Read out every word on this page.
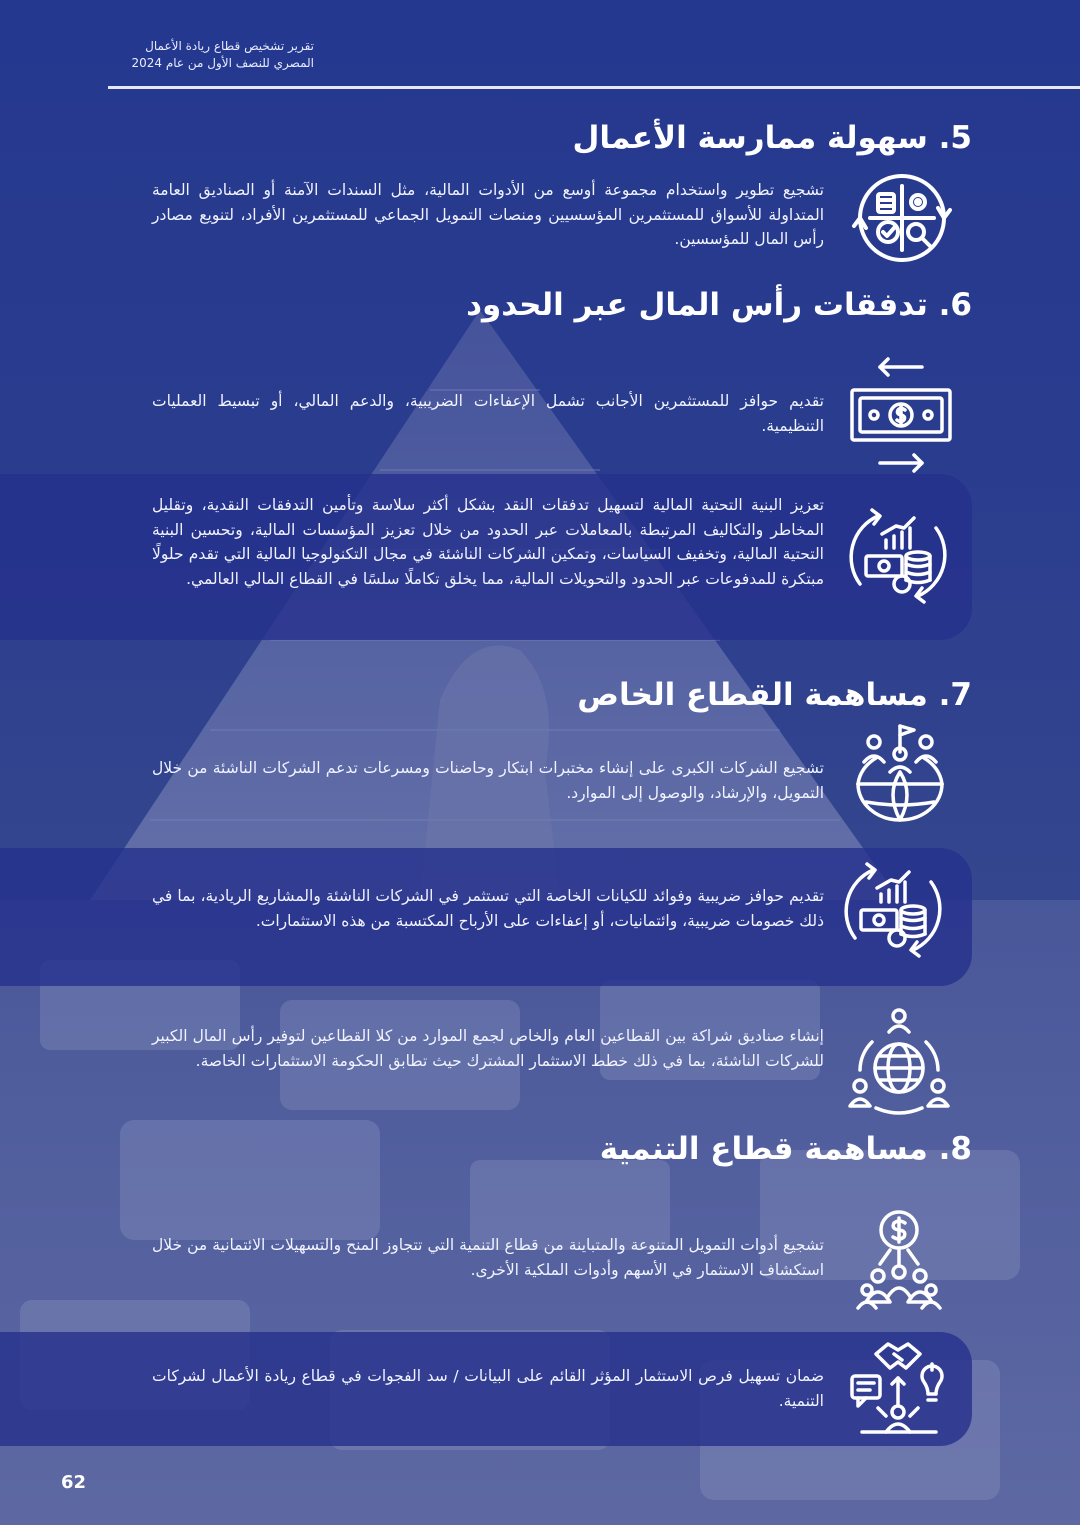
تقرير تشخيص قطاع ريادة الأعمال
المصري للنصف الأول من عام 2024
5. سهولة ممارسة الأعمال
تشجيع تطوير واستخدام مجموعة أوسع من الأدوات المالية، مثل السندات الآمنة أو الصناديق العامة المتداولة للأسواق للمستثمرين المؤسسيين ومنصات التمويل الجماعي للمستثمرين الأفراد، لتنويع مصادر رأس المال للمؤسسين.
6. تدفقات رأس المال عبر الحدود
تقديم حوافز للمستثمرين الأجانب تشمل الإعفاءات الضريبية، والدعم المالي، أو تبسيط العمليات التنظيمية.
تعزيز البنية التحتية المالية لتسهيل تدفقات النقد بشكل أكثر سلاسة وتأمين التدفقات النقدية، وتقليل المخاطر والتكاليف المرتبطة بالمعاملات عبر الحدود من خلال تعزيز المؤسسات المالية، وتحسين البنية التحتية المالية، وتخفيف السياسات، وتمكين الشركات الناشئة في مجال التكنولوجيا المالية التي تقدم حلولًا مبتكرة للمدفوعات عبر الحدود والتحويلات المالية، مما يخلق تكاملًا سلسًا في القطاع المالي العالمي.
7. مساهمة القطاع الخاص
تشجيع الشركات الكبرى على إنشاء مختبرات ابتكار وحاضنات ومسرعات تدعم الشركات الناشئة من خلال التمويل، والإرشاد، والوصول إلى الموارد.
تقديم حوافز ضريبية وفوائد للكيانات الخاصة التي تستثمر في الشركات الناشئة والمشاريع الريادية، بما في ذلك خصومات ضريبية، وائتمانيات، أو إعفاءات على الأرباح المكتسبة من هذه الاستثمارات.
إنشاء صناديق شراكة بين القطاعين العام والخاص لجمع الموارد من كلا القطاعين لتوفير رأس المال الكبير للشركات الناشئة، بما في ذلك خطط الاستثمار المشترك حيث تطابق الحكومة الاستثمارات الخاصة.
8. مساهمة قطاع التنمية
تشجيع أدوات التمويل المتنوعة والمتباينة من قطاع التنمية التي تتجاوز المنح والتسهيلات الائتمانية من خلال استكشاف الاستثمار في الأسهم وأدوات الملكية الأخرى.
ضمان تسهيل فرص الاستثمار المؤثر القائم على البيانات / سد الفجوات في قطاع ريادة الأعمال لشركات التنمية.
62
